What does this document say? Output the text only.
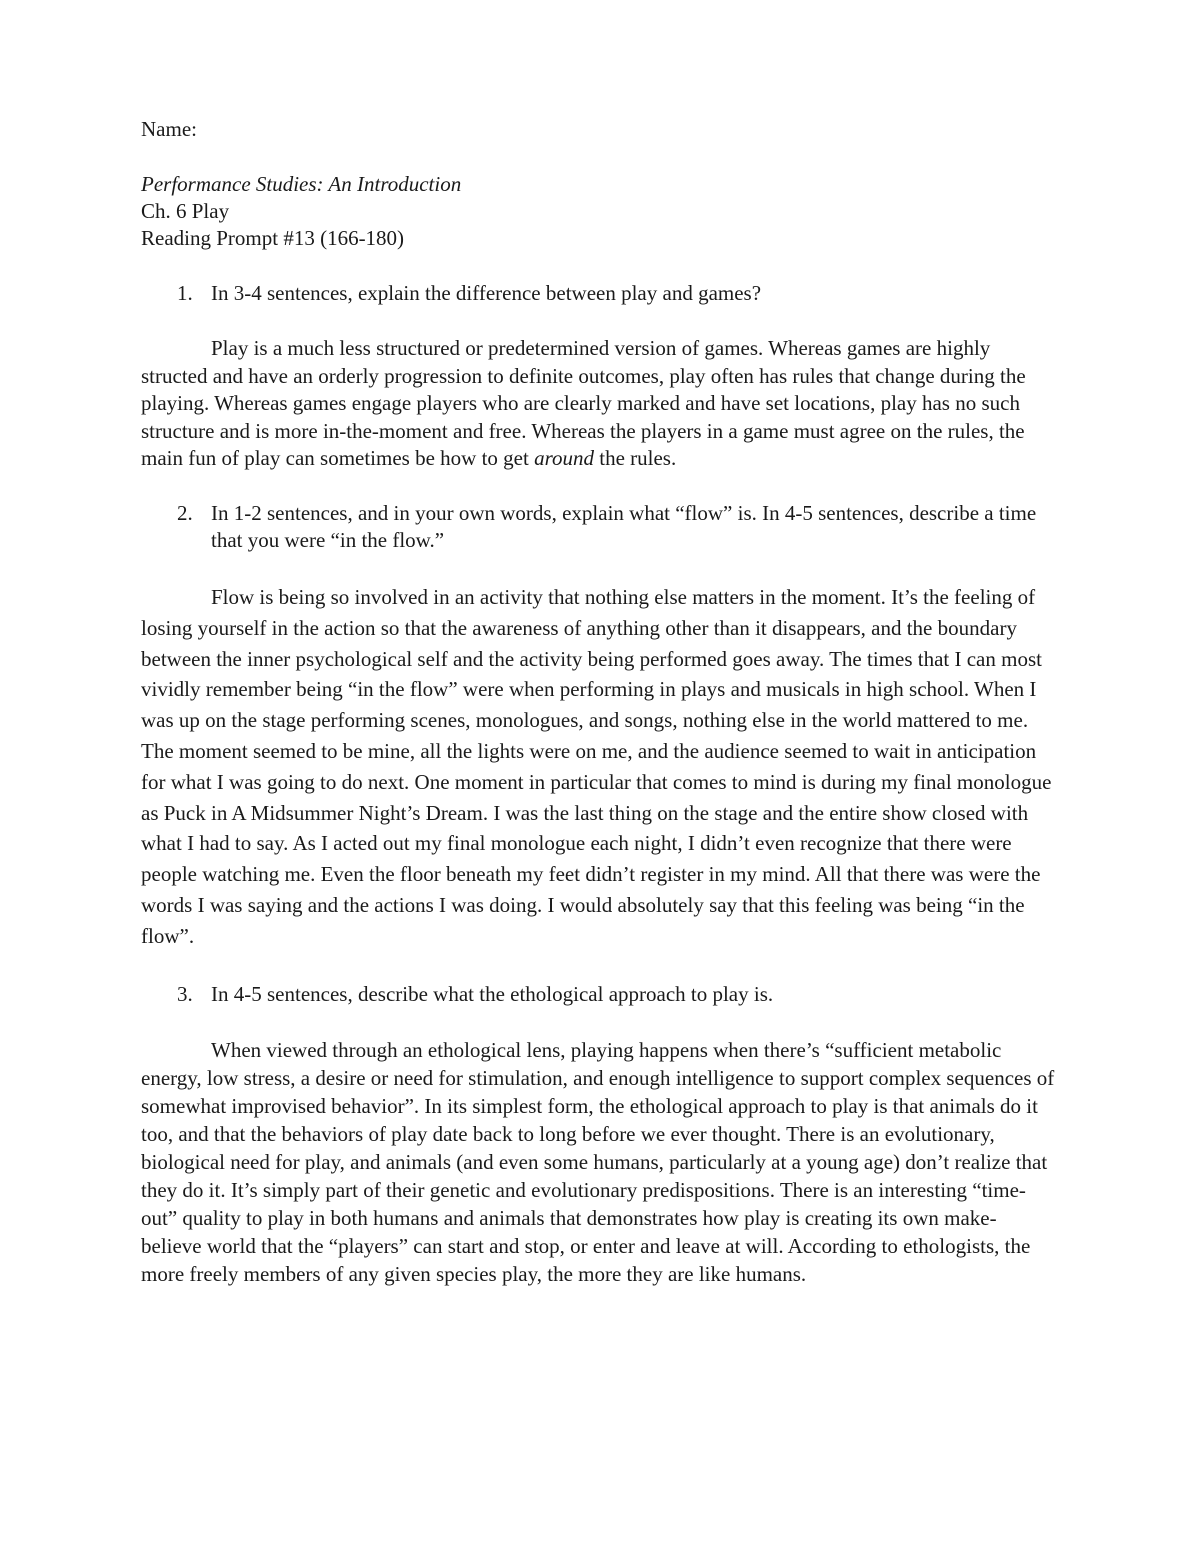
Name:

Performance Studies: An Introduction

Ch. 6 Play

Reading Prompt #13 (166-180)

1. In 3-4 sentences, explain the difference between play and games?

Play is a much less structured or predetermined version of games. Whereas games are highly structed and have an orderly progression to definite outcomes, play often has rules that change during the playing. Whereas games engage players who are clearly marked and have set locations, play has no such structure and is more in-the-moment and free. Whereas the players in a game must agree on the rules, the main fun of play can sometimes be how to get around the rules.

2. In 1-2 sentences, and in your own words, explain what “flow” is. In 4-5 sentences, describe a time that you were “in the flow.”

Flow is being so involved in an activity that nothing else matters in the moment. It’s the feeling of losing yourself in the action so that the awareness of anything other than it disappears, and the boundary between the inner psychological self and the activity being performed goes away. The times that I can most vividly remember being “in the flow” were when performing in plays and musicals in high school. When I was up on the stage performing scenes, monologues, and songs, nothing else in the world mattered to me. The moment seemed to be mine, all the lights were on me, and the audience seemed to wait in anticipation for what I was going to do next. One moment in particular that comes to mind is during my final monologue as Puck in A Midsummer Night’s Dream. I was the last thing on the stage and the entire show closed with what I had to say. As I acted out my final monologue each night, I didn’t even recognize that there were people watching me. Even the floor beneath my feet didn’t register in my mind. All that there was were the words I was saying and the actions I was doing. I would absolutely say that this feeling was being “in the flow”.

3. In 4-5 sentences, describe what the ethological approach to play is.

When viewed through an ethological lens, playing happens when there’s “sufficient metabolic energy, low stress, a desire or need for stimulation, and enough intelligence to support complex sequences of somewhat improvised behavior”. In its simplest form, the ethological approach to play is that animals do it too, and that the behaviors of play date back to long before we ever thought. There is an evolutionary, biological need for play, and animals (and even some humans, particularly at a young age) don’t realize that they do it. It’s simply part of their genetic and evolutionary predispositions. There is an interesting “time-out” quality to play in both humans and animals that demonstrates how play is creating its own make-believe world that the “players” can start and stop, or enter and leave at will. According to ethologists, the more freely members of any given species play, the more they are like humans.
